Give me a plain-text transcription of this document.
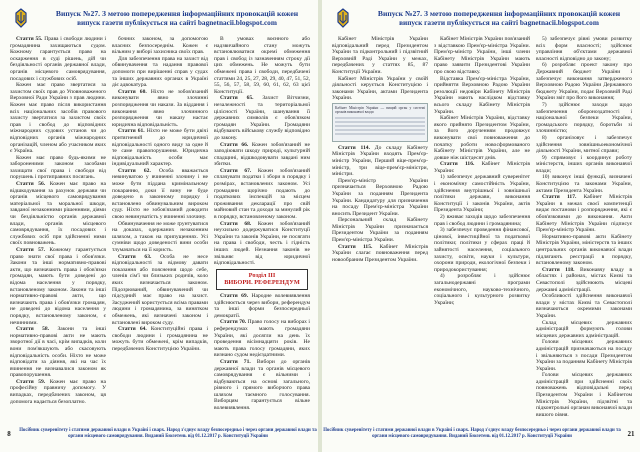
Випуск №27. З метою попередження інформаційних провокацій кожен
випуск газети публікується на сайті bagnetnacii.blogspot.com

Стаття 55. Права і свободи людини і громадянина захищаються судом. Кожному гарантується право на оскарження в суді рішень, дій чи бездіяльності органів державної влади, органів місцевого самоврядування, посадових і службових осіб.

Кожен має право звертатися за захистом своїх прав до Уповноваженого Верховної Ради України з прав людини. Кожен має право після використання всіх національних засобів правового захисту звертатися за захистом своїх прав і свобод до відповідних міжнародних судових установ чи до відповідних органів міжнародних організацій, членом або учасником яких є Україна.

Кожен має право будь-якими не забороненими законом засобами захищати свої права і свободи від порушень і протиправних посягань.

Стаття 56. Кожен має право на відшкодування за рахунок держави чи органів місцевого самоврядування матеріальної та моральної шкоди, завданої незаконними рішеннями, діями чи бездіяльністю органів державної влади, органів місцевого самоврядування, їх посадових і службових осіб при здійсненні ними своїх повноважень.

Стаття 57. Кожному гарантується право знати свої права і обов'язки. Закони та інші нормативно-правові акти, що визначають права і обов'язки громадян, мають бути доведені до відома населення у порядку, встановленому законом. Закони та інші нормативно-правові акти, що визначають права і обов'язки громадян, не доведені до відома населення у порядку, встановленому законом, є нечинними.

Стаття 58. Закони та інші нормативно-правові акти не мають зворотної дії в часі, крім випадків, коли вони пом'якшують або скасовують відповідальність особи. Ніхто не може відповідати за діяння, які на час їх вчинення не визнавалися законом як правопорушення.

Стаття 59. Кожен має право на професійну правничу допомогу. У випадках, передбачених законом, ця допомога надається безоплатно.

бочних законом, за допомогою власних безпосереднім. Кожен є вільним у виборі захисника своїх прав.

Для забезпечення права на захист від обвинувачення та надання правової допомоги при вирішенні справ у судах та інших державних органах в Україні діє адвокатура.

Стаття 60. Ніхто не зобов'язаний виконувати явно злочинні розпорядження чи накази. За віддання і виконання явно злочинного розпорядження чи наказу настає юридична відповідальність.

Стаття 61. Ніхто не може бути двічі притягнений до юридичної відповідальності одного виду за одне й те саме правопорушення. Юридична відповідальність особи має індивідуальний характер.

Стаття 62. Особа вважається невинуватою у вчиненні злочину і не може бути піддана кримінальному покаранню, доки її вину не буде доведено в законному порядку і встановлено обвинувальним вироком суду. Ніхто не зобов'язаний доводити свою невинуватість у вчиненні злочину.

Обвинувачення не може ґрунтуватися на доказах, одержаних незаконним шляхом, а також на припущеннях. Усі сумніви щодо доведеності вини особи тлумачаться на її користь.

Стаття 63. Особа не несе відповідальності за відмову давати показання або пояснення щодо себе, членів сім'ї чи близьких родичів, коло яких визначається законом. Підозрюваний, обвинувачений чи підсудний має право на захист. Засуджений користується всіма правами людини і громадянина, за винятком обмежень, які визначені законом і встановлені вироком суду.

Стаття 64. Конституційні права і свободи людини і громадянина не можуть бути обмежені, крім випадків, передбачених Конституцією України.

В умовах воєнного або надзвичайного стану можуть встановлюватися окремі обмеження прав і свобод із зазначенням строку дії цих обмежень. Не можуть бути обмежені права і свободи, передбачені статтями 24, 25, 27, 28, 29, 40, 47, 51, 52, 55, 56, 57, 58, 59, 60, 61, 62, 63 цієї Конституції.

Стаття 65. Захист Вітчизни, незалежності та територіальної цілісності України, шанування її державних символів є обов'язком громадян України. Громадяни відбувають військову службу відповідно до закону.

Стаття 66. Кожен зобов'язаний не заподіювати шкоду природі, культурній спадщині, відшкодовувати завдані ним збитки.

Стаття 67. Кожен зобов'язаний сплачувати податки і збори в порядку і розмірах, встановлених законом. Усі громадяни щорічно подають до податкових інспекцій за місцем проживання декларації про свій майновий стан та доходи за минулий рік в порядку, встановленому законом.

Стаття 68. Кожен зобов'язаний неухильно додержуватися Конституції України та законів України, не посягати на права і свободи, честь і гідність інших людей. Незнання законів не звільняє від юридичної відповідальності.

Розділ III
ВИБОРИ. РЕФЕРЕНДУМ

Стаття 69. Народне волевиявлення здійснюється через вибори, референдум та інші форми безпосередньої демократії.

Стаття 70. Право голосу на виборах і референдумах мають громадяни України, які досягли на день їх проведення вісімнадцяти років. Не мають права голосу громадяни, яких визнано судом недієздатними.

Стаття 71. Вибори до органів державної влади та органів місцевого самоврядування є вільними і відбуваються на основі загального, рівного і прямого виборчого права шляхом таємного голосування. Виборцям гарантується вільне волевиявлення.

8	Посібник суверенітету і статями державної влади в Україні і сварх. Народ з'єднує владу безпосередньо і через органи державної влади та органи місцевого самоврядування. Виданий Бюлетень від 01.12.2017 р. Конституції України
Випуск №27. З метою попередження інформаційних провокацій кожен
випуск газети публікується на сайті bagnetnacii.blogspot.com

Кабінет Міністрів України відповідальний перед Президентом України та підконтрольний і підзвітний Верховній Раді України у межах, передбачених у статтях 85, 87 Конституції України.

Кабінет Міністрів України у своїй діяльності керується Конституцією і законами України, актами Президента України.

Кабінет Міністрів України — вищий орган у системі органів виконавчої влади

Стаття 114. До складу Кабінету Міністрів України входять Прем'єр-міністр України, Перший віце-прем'єр-міністр, три віце-прем'єр-міністри, міністри.

Прем'єр-міністр України призначається Верховною Радою України за поданням Президента України. Кандидатуру для призначення на посаду Прем'єр-міністра України вносить Президент України.

Персональний склад Кабінету Міністрів України призначається Президентом України за поданням Прем'єр-міністра України.

Стаття 115. Кабінет Міністрів України слагає повноваження перед новообраним Президентом України.

Кабінет Міністрів України пов'язаний з відставкою Прем'єр-міністра України. Прем'єр-міністр України, інші члени Кабінету Міністрів України мають право заявити Президентові України про свою відставку.

Відставка Прем'єр-міністра України, прийняття Верховною Радою України резолюції недовіри Кабінету Міністрів України мають наслідком відставку всього складу Кабінету Міністрів України.

Кабінет Міністрів України, відставку якого прийнято Президентом України, за його дорученням продовжує виконувати свої повноваження до початку роботи новосформованого Кабінету Міністрів України, але не довше ніж шістдесят днів.

Стаття 116. Кабінет Міністрів України:

1) забезпечує державний суверенітет і економічну самостійність України, здійснення внутрішньої і зовнішньої політики держави, виконання Конституції і законів України, актів Президента України;

2) вживає заходів щодо забезпечення прав і свобод людини і громадянина;

3) забезпечує проведення фінансової, цінової, інвестиційної та податкової політики; політики у сферах праці й зайнятості населення, соціального захисту, освіти, науки і культури, охорони природи, екологічної безпеки і природокористування;

4) розробляє і здійснює загальнодержавні програми економічного, науково-технічного, соціального і культурного розвитку України;

5) забезпечує рівні умови розвитку всіх форм власності; здійснює управління об'єктами державної власності відповідно до закону;

6) розробляє проект закону про Державний бюджет України і забезпечує виконання затвердженого Верховною Радою України Державного бюджету України, подає Верховній Раді України звіт про його виконання;

7) здійснює заходи щодо забезпечення обороноздатності і національної безпеки України, громадського порядку, боротьби зі злочинністю;

8) організовує і забезпечує здійснення зовнішньоекономічної діяльності України, митної справи;

9) спрямовує і координує роботу міністерств, інших органів виконавчої влади;

10) виконує інші функції, визначені Конституцією та законами України, актами Президента України.

Стаття 117. Кабінет Міністрів України в межах своєї компетенції видає постанови і розпорядження, які є обов'язковими до виконання. Акти Кабінету Міністрів України підписує Прем'єр-міністр України.

Нормативно-правові акти Кабінету Міністрів України, міністерств та інших центральних органів виконавчої влади підлягають реєстрації в порядку, встановленому законом.

Стаття 118. Виконавчу владу в областях і районах, містах Києві та Севастополі здійснюють місцеві державні адміністрації.

Особливості здійснення виконавчої влади у містах Києві та Севастополі визначаються окремими законами України.

Склад місцевих державних адміністрацій формують голови місцевих державних адміністрацій.

Голови місцевих державних адміністрацій призначаються на посаду і звільняються з посади Президентом України за поданням Кабінету Міністрів України.

Голови місцевих державних адміністрацій при здійсненні своїх повноважень відповідальні перед Президентом України і Кабінетом Міністрів України, підзвітні та підконтрольні органам виконавчої влади вищого рівня.

Посібник суверенітету і статями державної влади в Україні і сварх. Народ з'єднує владу безпосередньо і через органи державної влади та органи місцевого самоврядування. Виданий Бюлетень від 01.12.2017 р. Конституції України	21
